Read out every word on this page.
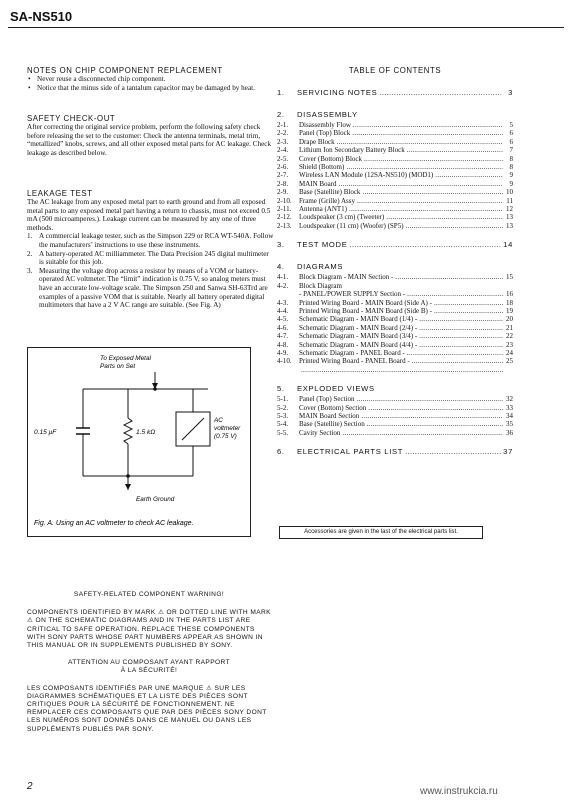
SA-NS510
NOTES ON CHIP COMPONENT REPLACEMENT
• Never reuse a disconnected chip component.
• Notice that the minus side of a tantalum capacitor may be damaged by heat.
SAFETY CHECK-OUT
After correcting the original service problem, perform the following safety check before releasing the set to the customer: Check the antenna terminals, metal trim, “metallized” knobs, screws, and all other exposed metal parts for AC leakage. Check leakage as described below.
LEAKAGE TEST
The AC leakage from any exposed metal part to earth ground and from all exposed metal parts to any exposed metal part having a return to chassis, must not exceed 0.5 mA (500 microamperes.). Leakage current can be measured by any one of three methods.
1. A commercial leakage tester, such as the Simpson 229 or RCA WT-540A. Follow the manufacturers’ instructions to use these instruments.
2. A battery-operated AC milliammeter. The Data Precision 245 digital multimeter is suitable for this job.
3. Measuring the voltage drop across a resistor by means of a VOM or battery-operated AC voltmeter. The “limit” indication is 0.75 V, so analog meters must have an accurate low-voltage scale. The Simpson 250 and Sanwa SH-63Trd are examples of a passive VOM that is suitable. Nearly all battery operated digital multimeters that have a 2 V AC range are suitable. (See Fig. A)
To Exposed Metal
Parts on Set
0.15 μF	1.5 kΩ
AC
voltmeter
(0.75 V)
Earth Ground
Fig. A. Using an AC voltmeter to check AC leakage.
TABLE OF CONTENTS
1.	SERVICING NOTES .....	3
2.	DISASSEMBLY
2-1.	Disassembly Flow .....	5
2-2.	Panel (Top) Block .....	6
2-3.	Drape Block .....	6
2-4.	Lithium Ion Secondary Battery Block .....	7
2-5.	Cover (Bottom) Block .....	8
2-6.	Shield (Bottom) .....	8
2-7.	Wireless LAN Module (12SA-NS510) (MOD1) .....	9
2-8.	MAIN Board .....	9
2-9.	Base (Satellite) Block .....	10
2-10.	Frame (Grille) Assy .....	11
2-11.	Antenna (ANT1) .....	12
2-12.	Loudspeaker (3 cm) (Tweeter) .....	13
2-13.	Loudspeaker (11 cm) (Woofer) (SP5) .....	13
3.	TEST MODE .....	14
4.	DIAGRAMS
4-1.	Block Diagram - MAIN Section - .....	15
4-2.	Block Diagram
- PANEL/POWER SUPPLY Section - .....	16
4-3.	Printed Wiring Board - MAIN Board (Side A) - .....	18
4-4.	Printed Wiring Board - MAIN Board (Side B) - .....	19
4-5.	Schematic Diagram - MAIN Board (1/4) - .....	20
4-6.	Schematic Diagram - MAIN Board (2/4) - .....	21
4-7.	Schematic Diagram - MAIN Board (3/4) - .....	22
4-8.	Schematic Diagram - MAIN Board (4/4) - .....	23
4-9.	Schematic Diagram - PANEL Board - .....	24
4-10.	Printed Wiring Board - PANEL Board - .....	25
.....
5.	EXPLODED VIEWS
5-1.	Panel (Top) Section .....	32
5-2.	Cover (Bottom) Section .....	33
5-3.	MAIN Board Section .....	34
5-4.	Base (Satellite) Section .....	35
5-5.	Cavity Section .....	36
6.	ELECTRICAL PARTS LIST .....	37
Accessories are given in the last of the electrical parts list.
SAFETY-RELATED COMPONENT WARNING!
COMPONENTS IDENTIFIED BY MARK ⚠ OR DOTTED LINE WITH MARK ⚠ ON THE SCHEMATIC DIAGRAMS AND IN THE PARTS LIST ARE CRITICAL TO SAFE OPERATION. REPLACE THESE COMPONENTS WITH SONY PARTS WHOSE PART NUMBERS APPEAR AS SHOWN IN THIS MANUAL OR IN SUPPLEMENTS PUBLISHED BY SONY.
ATTENTION AU COMPOSANT AYANT RAPPORT
À LA SÉCURITÉ!
LES COMPOSANTS IDENTIFIÉS PAR UNE MARQUE ⚠ SUR LES DIAGRAMMES SCHÉMATIQUES ET LA LISTE DES PIÈCES SONT CRITIQUES POUR LA SÉCURITÉ DE FONCTIONNEMENT. NE REMPLACER CES COMPOSANTS QUE PAR DES PIÈCES SONY DONT LES NUMÉROS SONT DONNÉS DANS CE MANUEL OU DANS LES SUPPLÉMENTS PUBLIÉS PAR SONY.
2	www.instrukcia.ru
